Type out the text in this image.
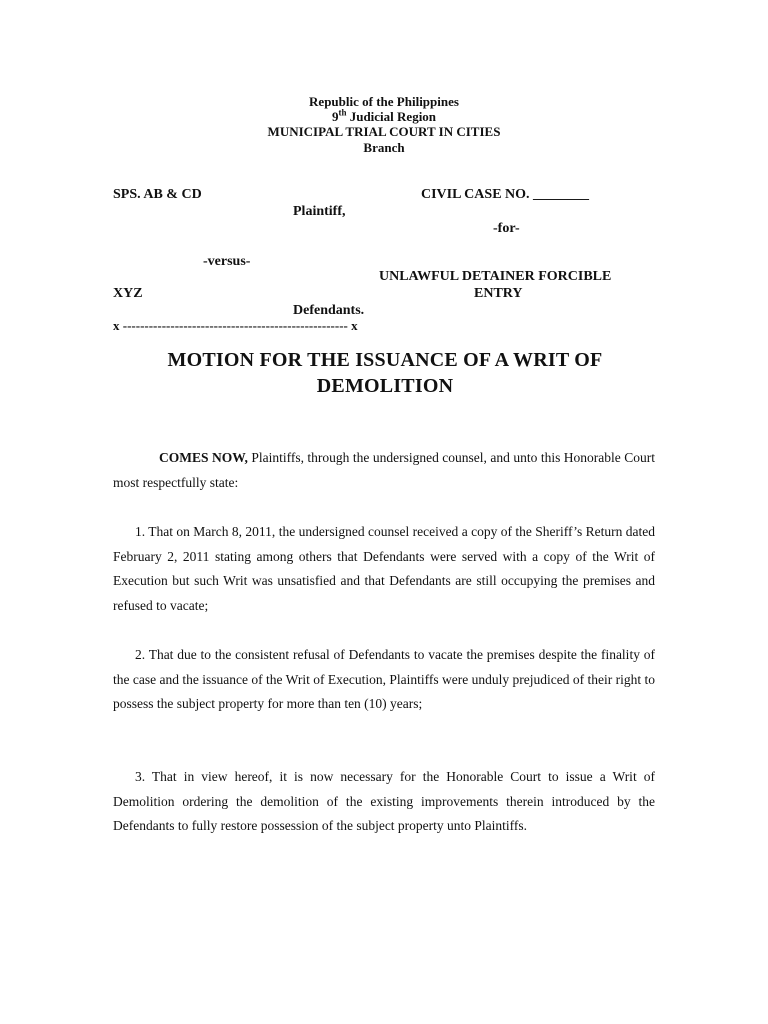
Republic of the Philippines
9th Judicial Region
MUNICIPAL TRIAL COURT IN CITIES
Branch
SPS. AB & CD	CIVIL CASE NO. ________
Plaintiff,
-for-
-versus-
UNLAWFUL DETAINER FORCIBLE
XYZ	ENTRY
Defendants.
x ---------------------------------------------------- x
MOTION FOR THE ISSUANCE OF A WRIT OF
DEMOLITION
COMES NOW, Plaintiffs, through the undersigned counsel, and unto this Honorable Court most respectfully state:
1. That on March 8, 2011, the undersigned counsel received a copy of the Sheriff’s Return dated February 2, 2011 stating among others that Defendants were served with a copy of the Writ of Execution but such Writ was unsatisfied and that Defendants are still occupying the premises and refused to vacate;
2. That due to the consistent refusal of Defendants to vacate the premises despite the finality of the case and the issuance of the Writ of Execution, Plaintiffs were unduly prejudiced of their right to possess the subject property for more than ten (10) years;
3. That in view hereof, it is now necessary for the Honorable Court to issue a Writ of Demolition ordering the demolition of the existing improvements therein introduced by the Defendants to fully restore possession of the subject property unto Plaintiffs.
